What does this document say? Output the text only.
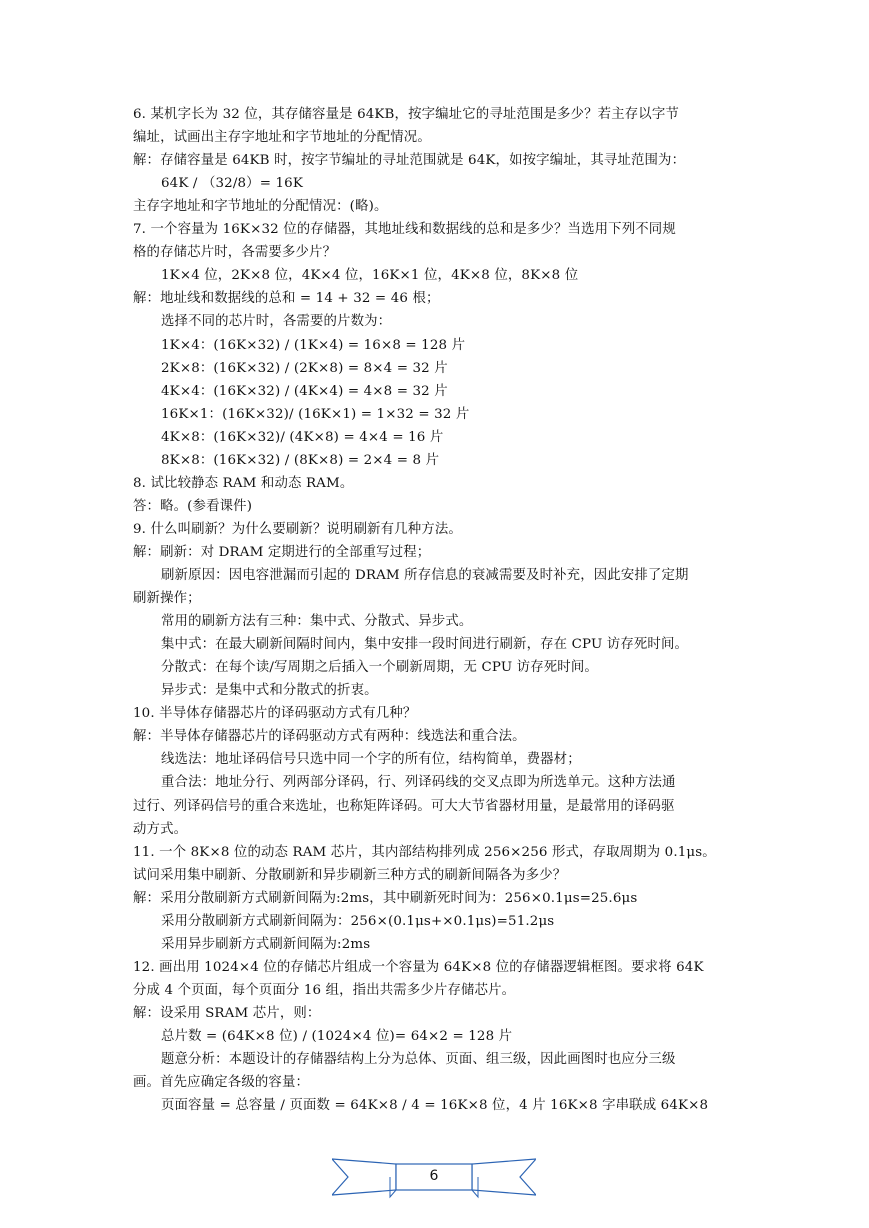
6. 某机字长为 32 位，其存储容量是 64KB，按字编址它的寻址范围是多少？若主存以字节
编址，试画出主存字地址和字节地址的分配情况。
解：存储容量是 64KB 时，按字节编址的寻址范围就是 64K，如按字编址，其寻址范围为：
64K / （32/8）= 16K
主存字地址和字节地址的分配情况：(略)。
7. 一个容量为 16K×32 位的存储器，其地址线和数据线的总和是多少？当选用下列不同规
格的存储芯片时，各需要多少片？
1K×4 位，2K×8 位，4K×4 位，16K×1 位，4K×8 位，8K×8 位
解：地址线和数据线的总和 = 14 + 32 = 46 根；
选择不同的芯片时，各需要的片数为：
1K×4：(16K×32) / (1K×4) = 16×8 = 128 片
2K×8：(16K×32) / (2K×8) = 8×4 = 32 片
4K×4：(16K×32) / (4K×4) = 4×8 = 32 片
16K×1：(16K×32)/ (16K×1) = 1×32 = 32 片
4K×8：(16K×32)/ (4K×8) = 4×4 = 16 片
8K×8：(16K×32) / (8K×8) = 2×4 = 8 片
8. 试比较静态 RAM 和动态 RAM。
答：略。(参看课件)
9. 什么叫刷新？为什么要刷新？说明刷新有几种方法。
解：刷新：对 DRAM 定期进行的全部重写过程；
刷新原因：因电容泄漏而引起的 DRAM 所存信息的衰减需要及时补充，因此安排了定期
刷新操作；
常用的刷新方法有三种：集中式、分散式、异步式。
集中式：在最大刷新间隔时间内，集中安排一段时间进行刷新，存在 CPU 访存死时间。
分散式：在每个读/写周期之后插入一个刷新周期，无 CPU 访存死时间。
异步式：是集中式和分散式的折衷。
10. 半导体存储器芯片的译码驱动方式有几种？
解：半导体存储器芯片的译码驱动方式有两种：线选法和重合法。
线选法：地址译码信号只选中同一个字的所有位，结构简单，费器材；
重合法：地址分行、列两部分译码，行、列译码线的交叉点即为所选单元。这种方法通
过行、列译码信号的重合来选址，也称矩阵译码。可大大节省器材用量，是最常用的译码驱
动方式。
11. 一个 8K×8 位的动态 RAM 芯片，其内部结构排列成 256×256 形式，存取周期为 0.1μs。
试问采用集中刷新、分散刷新和异步刷新三种方式的刷新间隔各为多少？
解：采用分散刷新方式刷新间隔为:2ms，其中刷新死时间为：256×0.1μs=25.6μs
采用分散刷新方式刷新间隔为：256×(0.1μs+×0.1μs)=51.2μs
采用异步刷新方式刷新间隔为:2ms
12. 画出用 1024×4 位的存储芯片组成一个容量为 64K×8 位的存储器逻辑框图。要求将 64K
分成 4 个页面，每个页面分 16 组，指出共需多少片存储芯片。
解：设采用 SRAM 芯片，则：
总片数 = (64K×8 位) / (1024×4 位)= 64×2 = 128 片
题意分析：本题设计的存储器结构上分为总体、页面、组三级，因此画图时也应分三级
画。首先应确定各级的容量：
页面容量 = 总容量 / 页面数 = 64K×8 / 4 = 16K×8 位，4 片 16K×8 字串联成 64K×8
6
